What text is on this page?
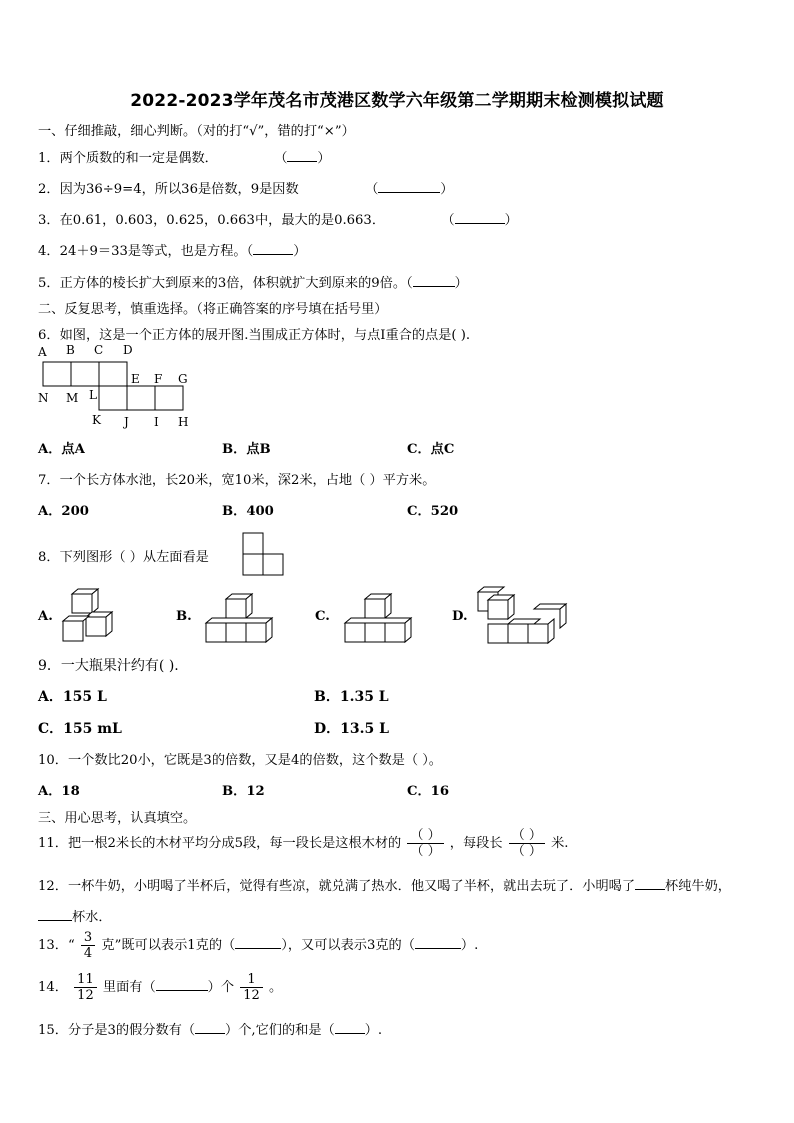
2022-2023学年茂名市茂港区数学六年级第二学期期末检测模拟试题
一、仔细推敲，细心判断。（对的打“√”，错的打“×”）
1．两个质数的和一定是偶数．	（ ）
2．因为36÷9=4，所以36是倍数，9是因数	（	）
3．在0.61，0.603，0.625，0.663中，最大的是0.663．	（	）
4．24＋9＝33是等式，也是方程。（	）
5．正方体的棱长扩大到原来的3倍，体积就扩大到原来的9倍。（	）
二、反复思考，慎重选择。（将正确答案的序号填在括号里）
6．如图，这是一个正方体的展开图.当围成正方体时，与点I重合的点是( ).
A B C D
E F G
N M L
K J I H
A．点A	B．点B	C．点C
7．一个长方体水池，长20米，宽10米，深2米，占地（ ）平方米。
A．200	B．400	C．520
8．下列图形（ ）从左面看是
A.	B.	C.	D.
9．一大瓶果汁约有( ).
A．155 L	B．1.35 L
C．155 mL	D．13.5 L
10．一个数比20小，它既是3的倍数，又是4的倍数，这个数是（ ）。
A．18	B．12	C．16
三、用心思考，认真填空。
11．把一根2米长的木材平均分成5段，每一段长是这根木材的 $\frac{( )}{( )}$ ，每段长 $\frac{( )}{( )}$ 米.
12．一杯牛奶，小明喝了半杯后，觉得有些凉，就兑满了热水．他又喝了半杯，就出去玩了．小明喝了 杯纯牛奶，
杯水．
13．“ $\frac{3}{4}$ 克”既可以表示1克的（	），又可以表示3克的（	）.
14． $\frac{11}{12}$ 里面有（	）个 $\frac{1}{12}$ 。
15．分子是3的假分数有（ ）个,它们的和是（ ）.
